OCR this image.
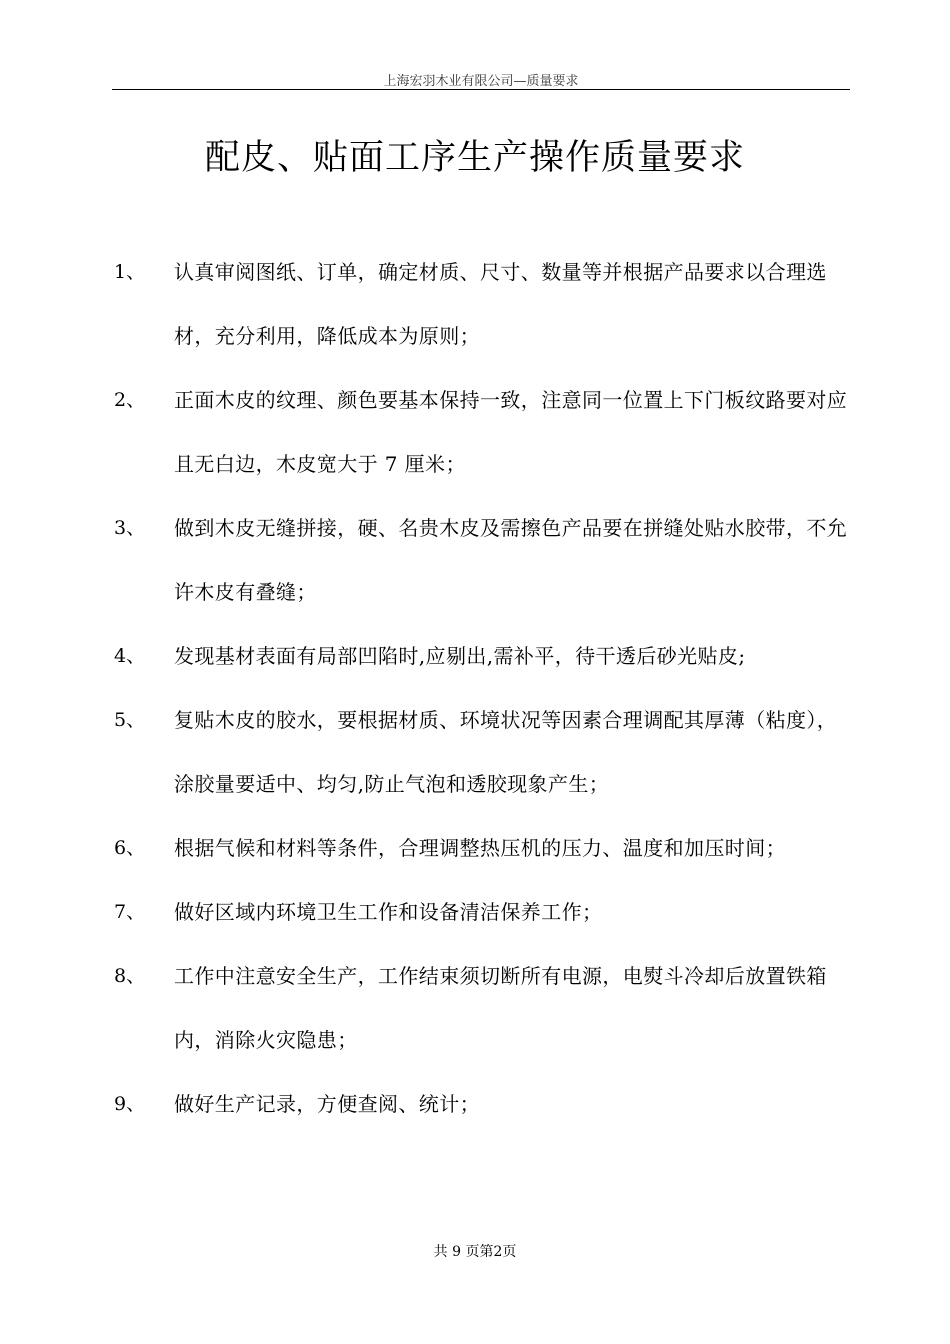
上海宏羽木业有限公司—质量要求
配皮、贴面工序生产操作质量要求
1、	认真审阅图纸、订单，确定材质、尺寸、数量等并根据产品要求以合理选材，充分利用，降低成本为原则；
2、	正面木皮的纹理、颜色要基本保持一致，注意同一位置上下门板纹路要对应且无白边，木皮宽大于 7 厘米；
3、	做到木皮无缝拼接，硬、名贵木皮及需擦色产品要在拼缝处贴水胶带，不允许木皮有叠缝；
4、	发现基材表面有局部凹陷时,应剔出,需补平，待干透后砂光贴皮;
5、	复贴木皮的胶水，要根据材质、环境状况等因素合理调配其厚薄（粘度），涂胶量要适中、均匀,防止气泡和透胶现象产生；
6、	根据气候和材料等条件，合理调整热压机的压力、温度和加压时间；
7、	做好区域内环境卫生工作和设备清洁保养工作；
8、	工作中注意安全生产，工作结束须切断所有电源，电熨斗冷却后放置铁箱内，消除火灾隐患；
9、	做好生产记录，方便查阅、统计；
共 9 页第2页
